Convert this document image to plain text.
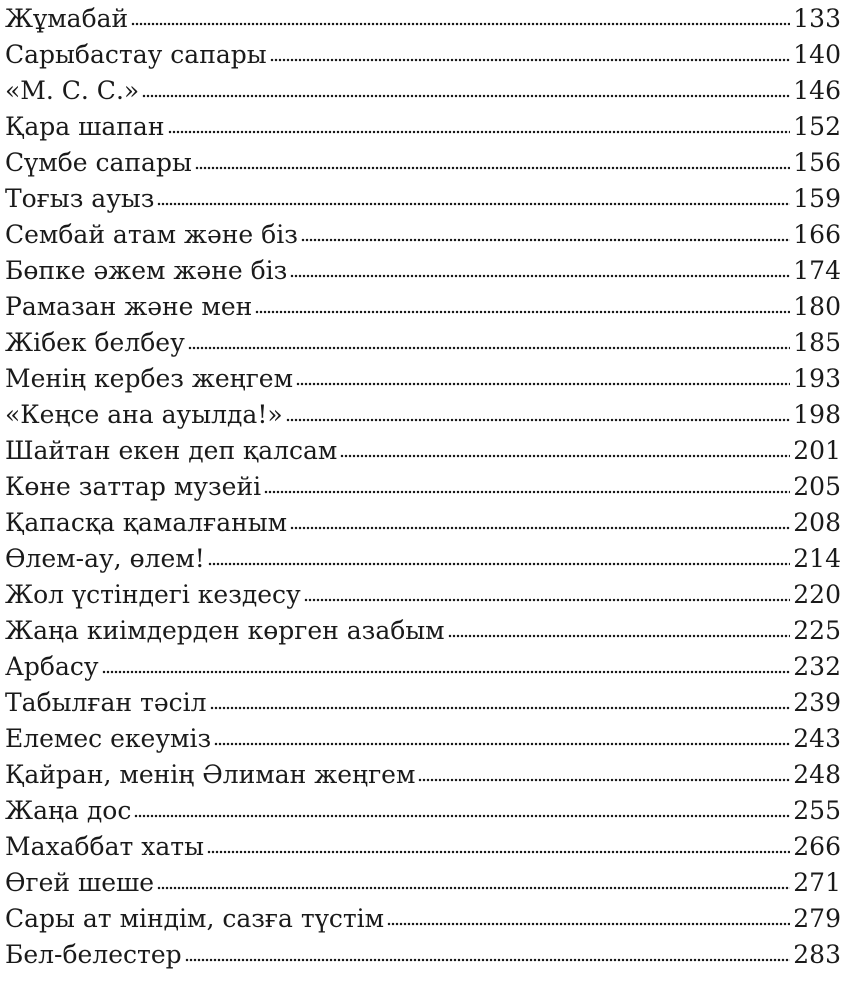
Жұмабай	133
Сарыбастау сапары	140
«М. С. С.»	146
Қара шапан	152
Сүмбе сапары	156
Тоғыз ауыз	159
Сембай атам және біз	166
Бөпке әжем және біз	174
Рамазан және мен	180
Жібек белбеу	185
Менің кербез жеңгем	193
«Кеңсе ана ауылда!»	198
Шайтан екен деп қалсам	201
Көне заттар музейі	205
Қапасқа қамалғаным	208
Өлем-ау, өлем!	214
Жол үстіндегі кездесу	220
Жаңа киімдерден көрген азабым	225
Арбасу	232
Табылған тәсіл	239
Елемес екеуміз	243
Қайран, менің Әлиман жеңгем	248
Жаңа дос	255
Махаббат хаты	266
Өгей шеше	271
Сары ат міндім, сазға түстім	279
Бел-белестер	283
